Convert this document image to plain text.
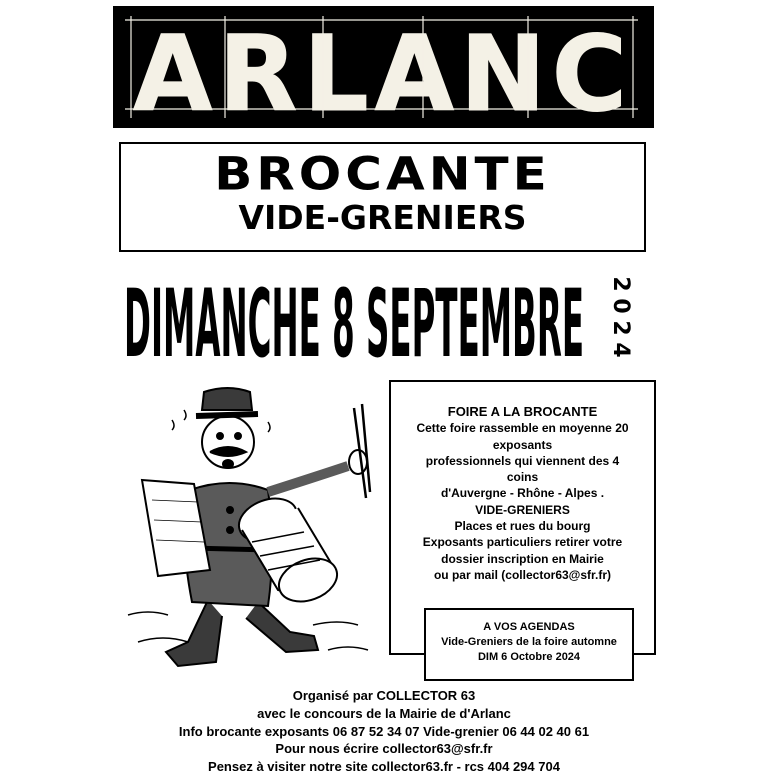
ARLANC
BROCANTE
VIDE-GRENIERS
DIMANCHE 8 SEPTEMBRE 2
0
2
4

FOIRE A LA BROCANTE

Cette foire rassemble en moyenne 20

exposants

professionnels qui viennent des 4

coins

d'Auvergne - Rhône - Alpes .

VIDE-GRENIERS

Places et rues du bourg

Exposants particuliers retirer votre

dossier inscription en Mairie

ou par mail (collector63@sfr.fr)

A VOS AGENDAS
Vide-Greniers de la foire automne
DIM 6 Octobre 2024

Organisé par COLLECTOR 63

avec le concours de la Mairie de d'Arlanc

Info brocante exposants 06 87 52 34 07 Vide-grenier 06 44 02 40 61

Pour nous écrire collector63@sfr.fr

Pensez à visiter notre site collector63.fr - rcs 404 294 704
